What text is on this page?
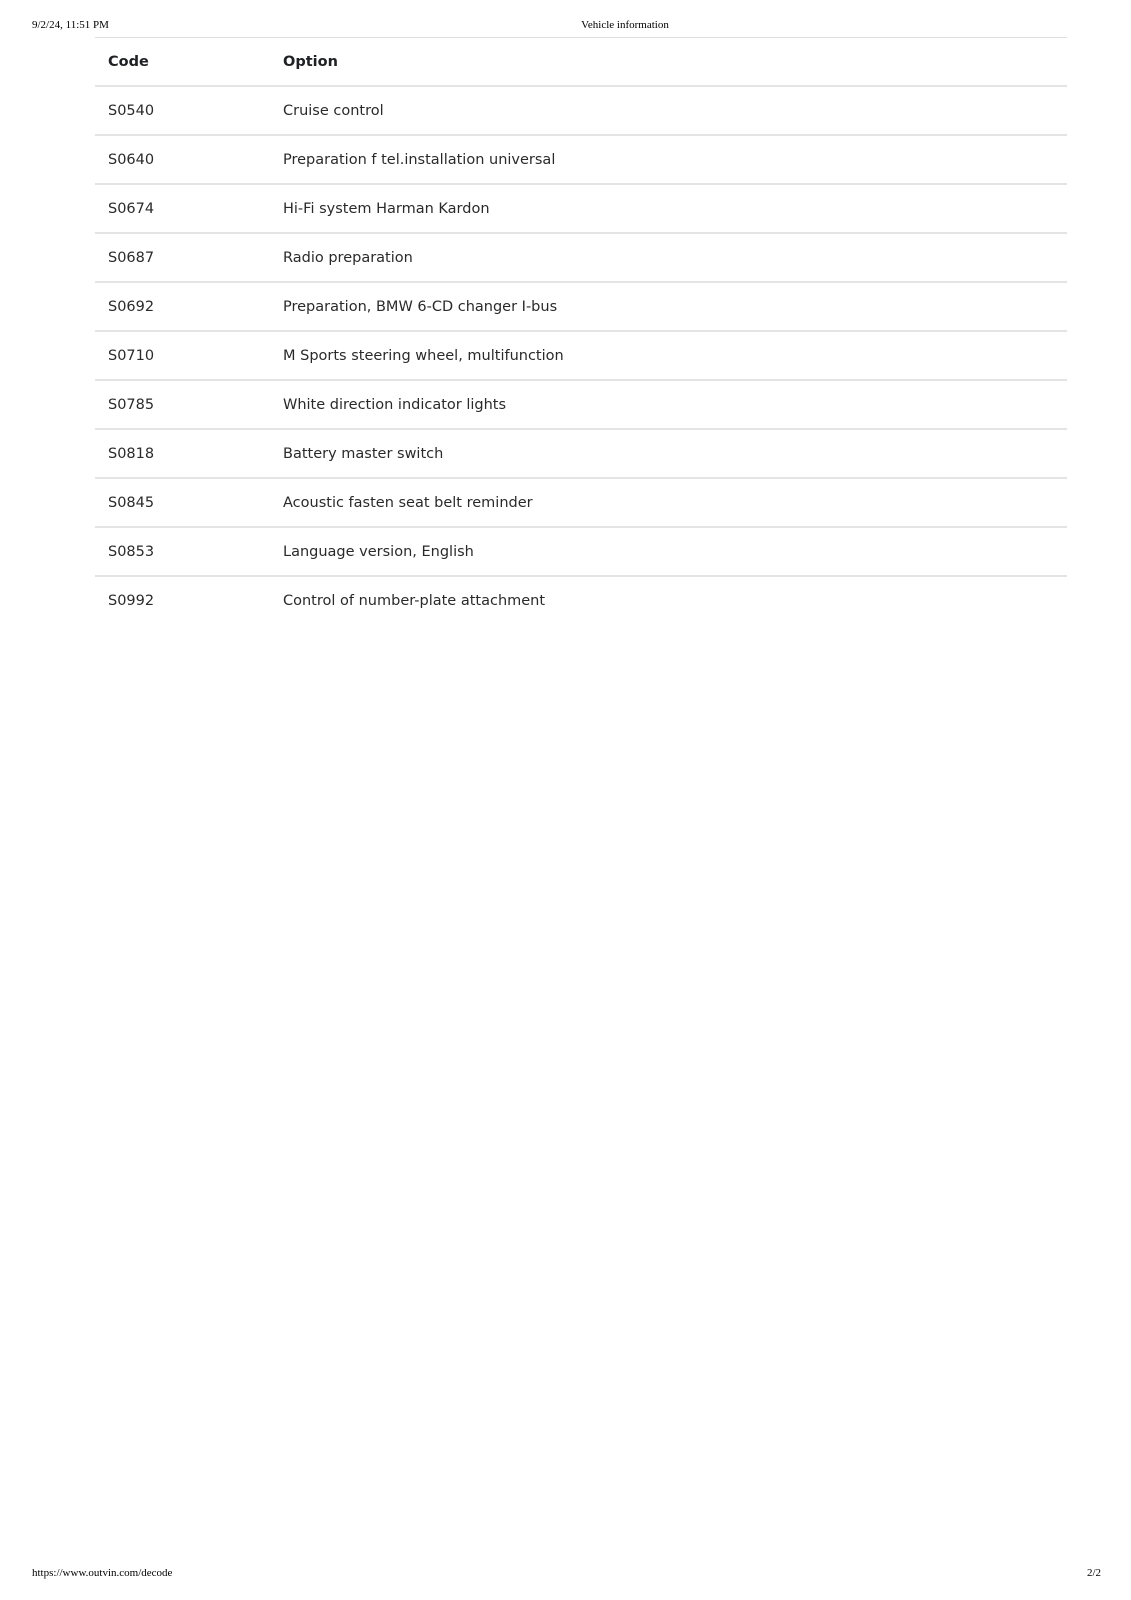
9/2/24, 11:51 PM	Vehicle information
Code	Option
S0540	Cruise control
S0640	Preparation f tel.installation universal
S0674	Hi-Fi system Harman Kardon
S0687	Radio preparation
S0692	Preparation, BMW 6-CD changer I-bus
S0710	M Sports steering wheel, multifunction
S0785	White direction indicator lights
S0818	Battery master switch
S0845	Acoustic fasten seat belt reminder
S0853	Language version, English
S0992	Control of number-plate attachment
https://www.outvin.com/decode	2/2
